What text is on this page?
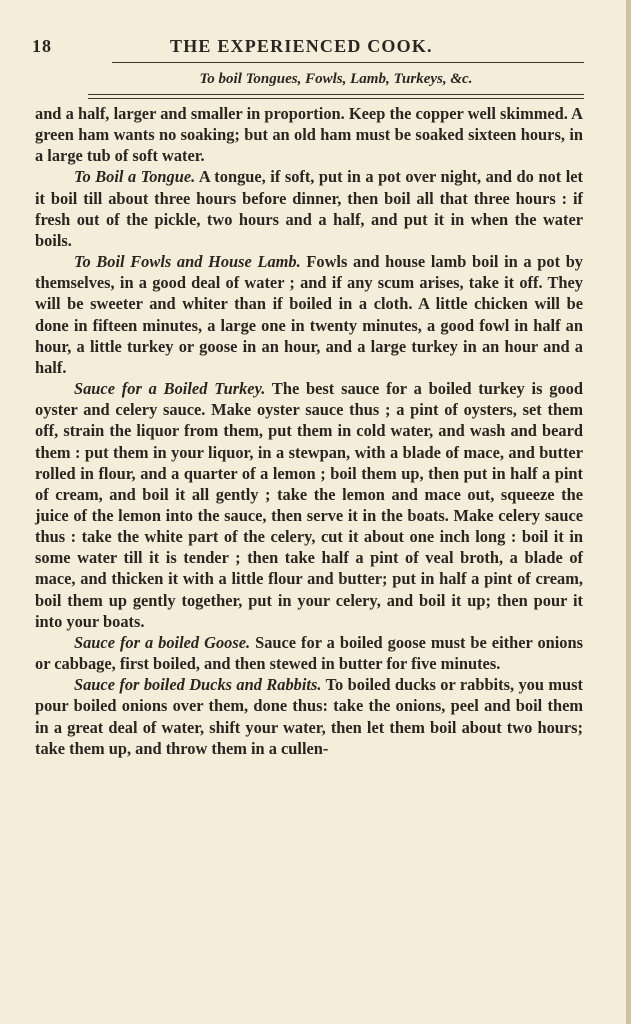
18	THE EXPERIENCED COOK.
To boil Tongues, Fowls, Lamb, Turkeys, &c.

and a half, larger and smaller in proportion. Keep the copper well skimmed. A green ham wants no soaking; but an old ham must be soaked sixteen hours, in a large tub of soft water.

To Boil a Tongue. A tongue, if soft, put in a pot over night, and do not let it boil till about three hours before dinner, then boil all that three hours : if fresh out of the pickle, two hours and a half, and put it in when the water boils.

To Boil Fowls and House Lamb. Fowls and house lamb boil in a pot by themselves, in a good deal of water ; and if any scum arises, take it off. They will be sweeter and whiter than if boiled in a cloth. A little chicken will be done in fifteen minutes, a large one in twenty minutes, a good fowl in half an hour, a little turkey or goose in an hour, and a large turkey in an hour and a half.

Sauce for a Boiled Turkey. The best sauce for a boiled turkey is good oyster and celery sauce. Make oyster sauce thus ; a pint of oysters, set them off, strain the liquor from them, put them in cold water, and wash and beard them : put them in your liquor, in a stewpan, with a blade of mace, and butter rolled in flour, and a quarter of a lemon ; boil them up, then put in half a pint of cream, and boil it all gently ; take the lemon and mace out, squeeze the juice of the lemon into the sauce, then serve it in the boats. Make celery sauce thus : take the white part of the celery, cut it about one inch long : boil it in some water till it is tender ; then take half a pint of veal broth, a blade of mace, and thicken it with a little flour and butter; put in half a pint of cream, boil them up gently together, put in your celery, and boil it up; then pour it into your boats.

Sauce for a boiled Goose. Sauce for a boiled goose must be either onions or cabbage, first boiled, and then stewed in butter for five minutes.

Sauce for boiled Ducks and Rabbits. To boiled ducks or rabbits, you must pour boiled onions over them, done thus: take the onions, peel and boil them in a great deal of water, shift your water, then let them boil about two hours; take them up, and throw them in a cullen-
